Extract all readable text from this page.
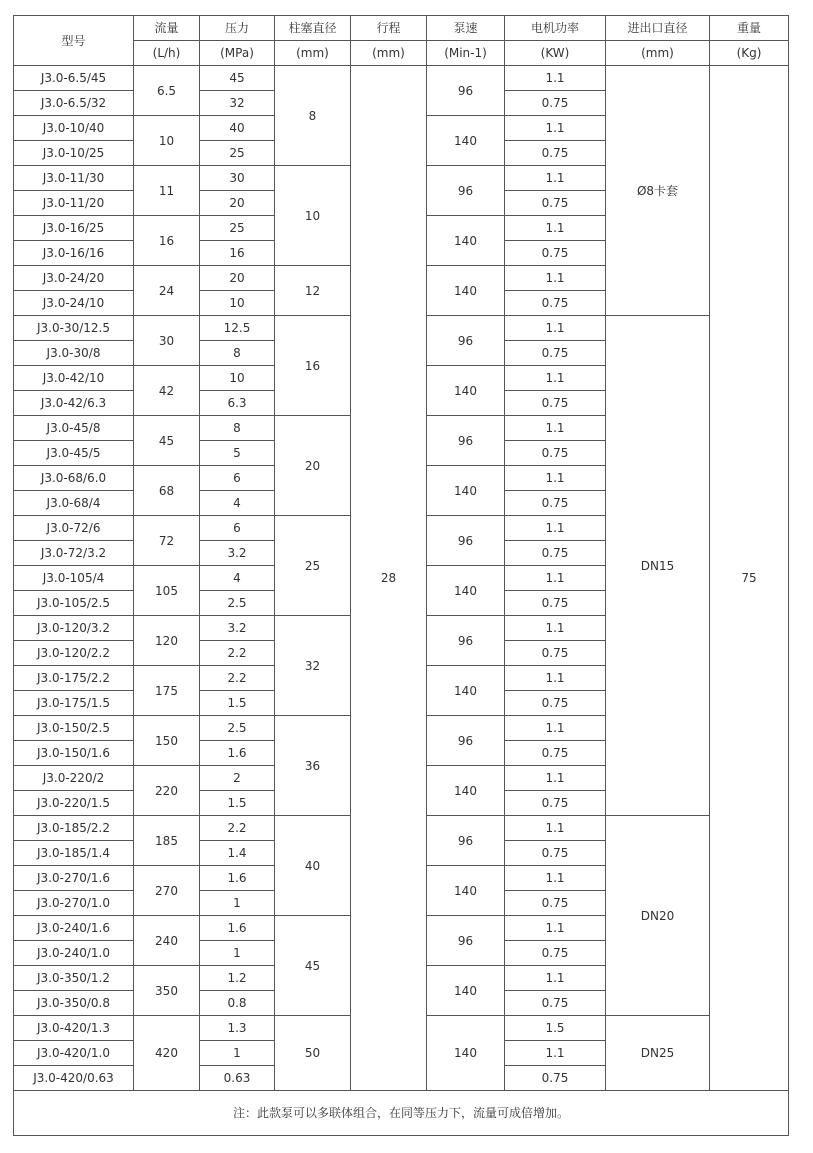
型号	流量	压力	柱塞直径	行程	泵速	电机功率	进出口直径	重量
	(L/h)	(MPa)	(mm)	(mm)	(Min-1)	(KW)	(mm)	(Kg)
J3.0-6.5/45	6.5	45	8	28	96	1.1	Ø8卡套	75
J3.0-6.5/32		32				0.75		
J3.0-10/40	10	40			140	1.1		
J3.0-10/25		25				0.75		
J3.0-11/30	11	30	10		96	1.1		
J3.0-11/20		20				0.75		
J3.0-16/25	16	25			140	1.1		
J3.0-16/16		16				0.75		
J3.0-24/20	24	20	12		140	1.1		
J3.0-24/10		10				0.75		
J3.0-30/12.5	30	12.5	16		96	1.1	DN15	
J3.0-30/8		8				0.75		
J3.0-42/10	42	10			140	1.1		
J3.0-42/6.3		6.3				0.75		
J3.0-45/8	45	8	20		96	1.1		
J3.0-45/5		5				0.75		
J3.0-68/6.0	68	6			140	1.1		
J3.0-68/4		4				0.75		
J3.0-72/6	72	6	25		96	1.1		
J3.0-72/3.2		3.2				0.75		
J3.0-105/4	105	4			140	1.1		
J3.0-105/2.5		2.5				0.75		
J3.0-120/3.2	120	3.2	32		96	1.1		
J3.0-120/2.2		2.2				0.75		
J3.0-175/2.2	175	2.2			140	1.1		
J3.0-175/1.5		1.5				0.75		
J3.0-150/2.5	150	2.5	36		96	1.1		
J3.0-150/1.6		1.6				0.75		
J3.0-220/2	220	2			140	1.1		
J3.0-220/1.5		1.5				0.75		
J3.0-185/2.2	185	2.2	40		96	1.1	DN20	
J3.0-185/1.4		1.4				0.75		
J3.0-270/1.6	270	1.6			140	1.1		
J3.0-270/1.0		1				0.75		
J3.0-240/1.6	240	1.6	45		96	1.1		
J3.0-240/1.0		1				0.75		
J3.0-350/1.2	350	1.2			140	1.1		
J3.0-350/0.8		0.8				0.75		
J3.0-420/1.3	420	1.3	50		140	1.5	DN25	
J3.0-420/1.0		1				1.1		
J3.0-420/0.63		0.63				0.75		
注：此款泵可以多联体组合，在同等压力下，流量可成倍增加。								
